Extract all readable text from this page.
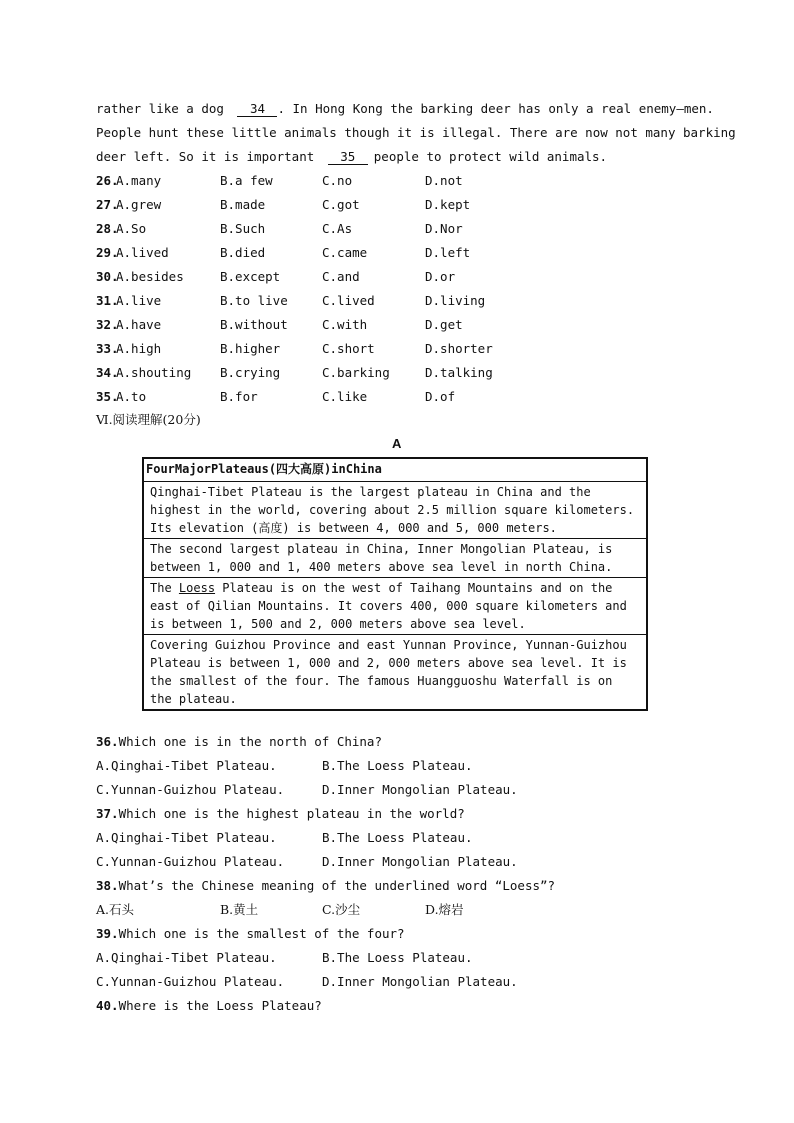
rather like a dog 34 . In Hong Kong the barking deer has only a real enemy—men.
People hunt these little animals though it is illegal. There are now not many barking
deer left. So it is important 35 people to protect wild animals.
26.
A.many	B.a few	C.no	D.not
27.
A.grew	B.made	C.got	D.kept
28.
A.So	B.Such	C.As	D.Nor
29.
A.lived	B.died	C.came	D.left
30.
A.besides	B.except	C.and	D.or
31.
A.live	B.to live	C.lived	D.living
32.
A.have	B.without	C.with	D.get
33.
A.high	B.higher	C.short	D.shorter
34.
A.shouting B.crying	C.barking	D.talking
35.
A.to	B.for	C.like	D.of
Ⅵ.阅读理解(20分)
A
FourMajorPlateaus(四大高原)inChina
Qinghai-Tibet Plateau is the largest plateau in China and the highest in the world, covering about 2.5 million square kilometers. Its elevation (高度) is between 4, 000 and 5, 000 meters.
The second largest plateau in China, Inner Mongolian Plateau, is between 1, 000 and 1, 400 meters above sea level in north China.
The Loess Plateau is on the west of Taihang Mountains and on the east of Qilian Mountains. It covers 400, 000 square kilometers and is between 1, 500 and 2, 000 meters above sea level.
Covering Guizhou Province and east Yunnan Province, Yunnan-Guizhou Plateau is between 1, 000 and 2, 000 meters above sea level. It is the smallest of the four. The famous Huangguoshu Waterfall is on the plateau.
36.Which one is in the north of China?
A.Qinghai-Tibet Plateau.	B.The Loess Plateau.
C.Yunnan-Guizhou Plateau.	D.Inner Mongolian Plateau.
37.Which one is the highest plateau in the world?
A.Qinghai-Tibet Plateau.	B.The Loess Plateau.
C.Yunnan-Guizhou Plateau.	D.Inner Mongolian Plateau.
38.What’s the Chinese meaning of the underlined word “Loess”?
A.石头	B.黄土	C.沙尘	D.熔岩
39.Which one is the smallest of the four?
A.Qinghai-Tibet Plateau.	B.The Loess Plateau.
C.Yunnan-Guizhou Plateau.	D.Inner Mongolian Plateau.
40.Where is the Loess Plateau?
